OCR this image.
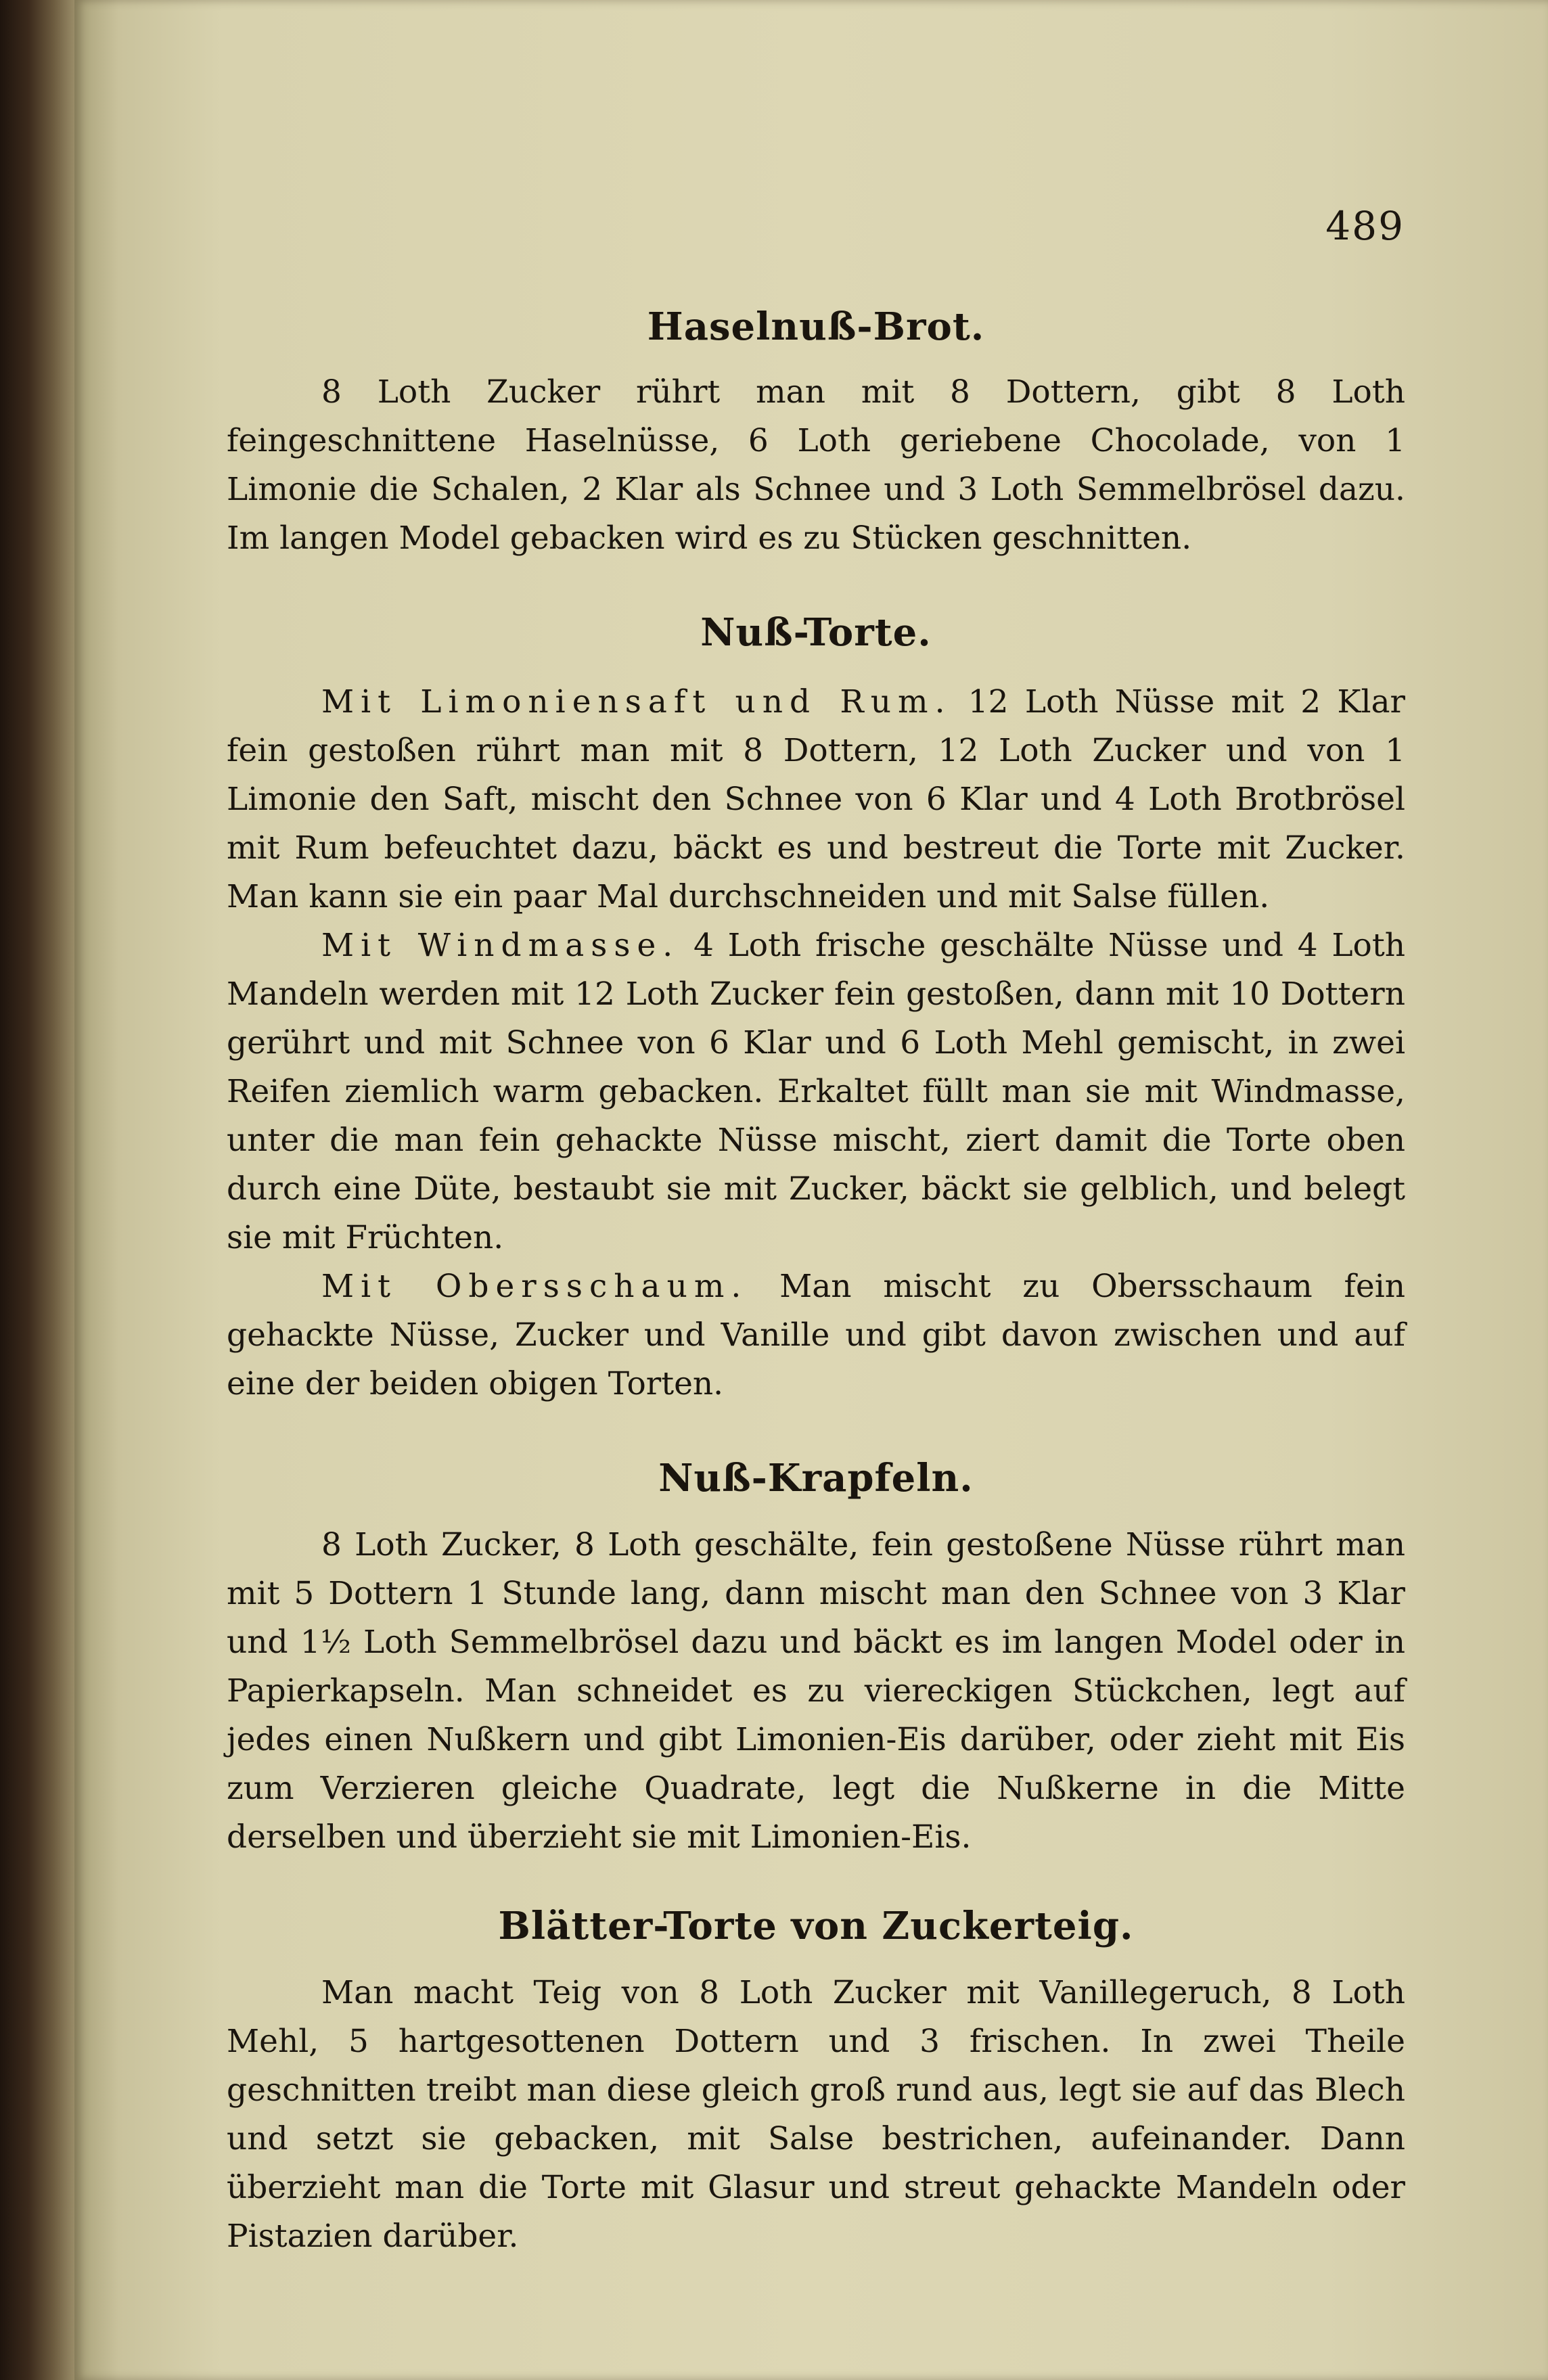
489
Haselnuß-Brot.

8 Loth Zucker rührt man mit 8 Dottern, gibt 8 Loth feingeschnittene Haselnüsse, 6 Loth geriebene Chocolade, von 1 Limonie die Schalen, 2 Klar als Schnee und 3 Loth Semmelbrösel dazu. Im langen Model gebacken wird es zu Stücken geschnitten.

Nuß-Torte.

Mit Limoniensaft und Rum. 12 Loth Nüsse mit 2 Klar fein gestoßen rührt man mit 8 Dottern, 12 Loth Zucker und von 1 Limonie den Saft, mischt den Schnee von 6 Klar und 4 Loth Brotbrösel mit Rum befeuchtet dazu, bäckt es und bestreut die Torte mit Zucker. Man kann sie ein paar Mal durchschneiden und mit Salse füllen.

Mit Windmasse. 4 Loth frische geschälte Nüsse und 4 Loth Mandeln werden mit 12 Loth Zucker fein gestoßen, dann mit 10 Dottern gerührt und mit Schnee von 6 Klar und 6 Loth Mehl gemischt, in zwei Reifen ziemlich warm gebacken. Erkaltet füllt man sie mit Windmasse, unter die man fein gehackte Nüsse mischt, ziert damit die Torte oben durch eine Düte, bestaubt sie mit Zucker, bäckt sie gelblich, und belegt sie mit Früchten.

Mit Obersschaum. Man mischt zu Obersschaum fein gehackte Nüsse, Zucker und Vanille und gibt davon zwischen und auf eine der beiden obigen Torten.

Nuß-Krapfeln.

8 Loth Zucker, 8 Loth geschälte, fein gestoßene Nüsse rührt man mit 5 Dottern 1 Stunde lang, dann mischt man den Schnee von 3 Klar und 1½ Loth Semmelbrösel dazu und bäckt es im langen Model oder in Papierkapseln. Man schneidet es zu viereckigen Stückchen, legt auf jedes einen Nußkern und gibt Limonien-Eis darüber, oder zieht mit Eis zum Verzieren gleiche Quadrate, legt die Nußkerne in die Mitte derselben und überzieht sie mit Limonien-Eis.

Blätter-Torte von Zuckerteig.

Man macht Teig von 8 Loth Zucker mit Vanillegeruch, 8 Loth Mehl, 5 hartgesottenen Dottern und 3 frischen. In zwei Theile geschnitten treibt man diese gleich groß rund aus, legt sie auf das Blech und setzt sie gebacken, mit Salse bestrichen, aufeinander. Dann überzieht man die Torte mit Glasur und streut gehackte Mandeln oder Pistazien darüber.
